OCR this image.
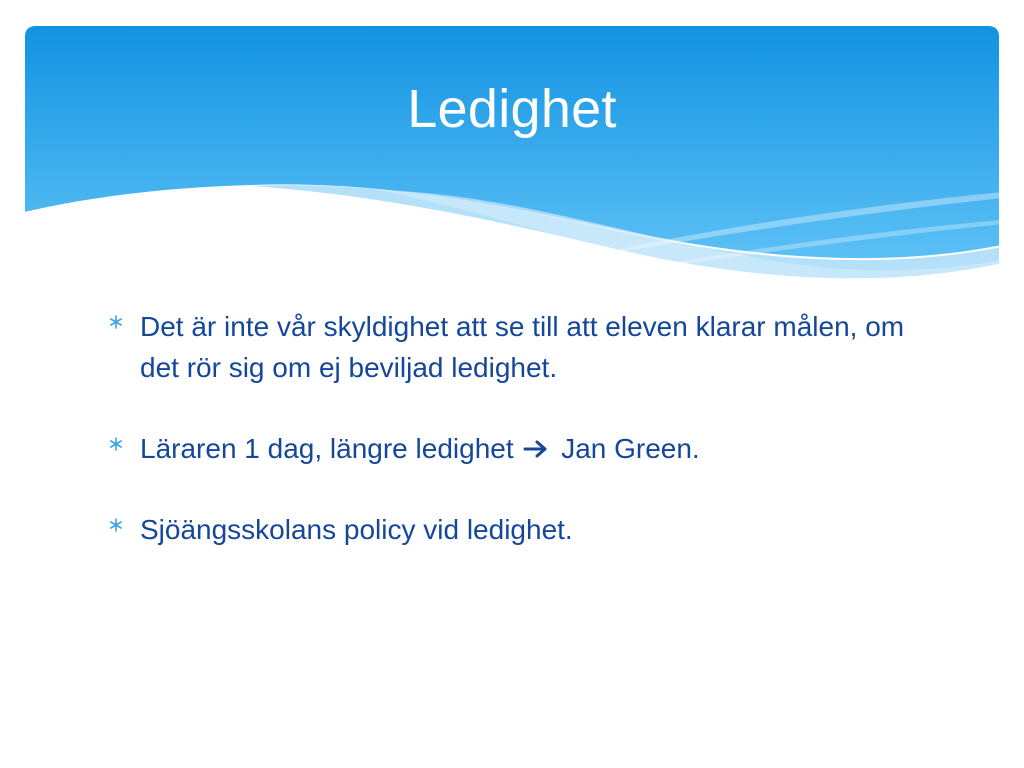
Ledighet
Det är inte vår skyldighet att se till att eleven klarar målen, om det rör sig om ej beviljad ledighet.
Läraren 1 dag, längre ledighet Jan Green.
Sjöängsskolans policy vid ledighet.
